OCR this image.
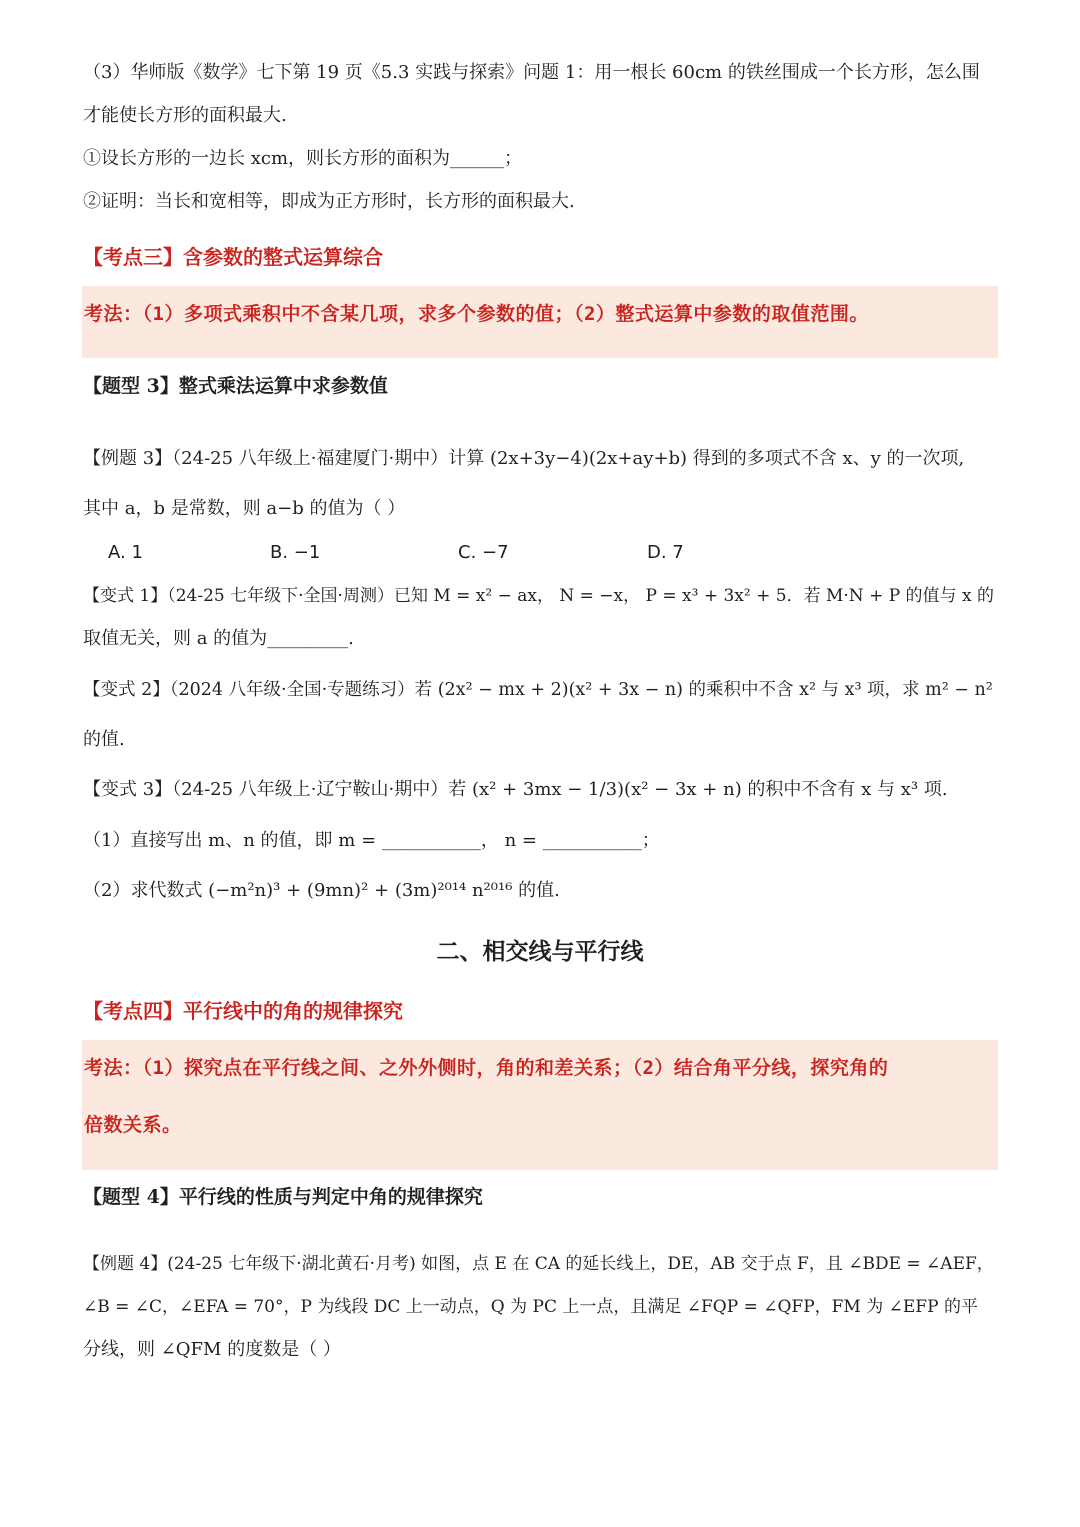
（3）华师版《数学》七下第 19 页《5.3 实践与探索》问题 1：用一根长 60cm 的铁丝围成一个长方形，怎么围
才能使长方形的面积最大.
①设长方形的一边长 xcm，则长方形的面积为______；
②证明：当长和宽相等，即成为正方形时，长方形的面积最大.
【考点三】含参数的整式运算综合
考法：（1）多项式乘积中不含某几项，求多个参数的值；（2）整式运算中参数的取值范围。
【题型 3】整式乘法运算中求参数值
【例题 3】（24-25 八年级上·福建厦门·期中）计算 (2x+3y−4)(2x+ay+b) 得到的多项式不含 x、y 的一次项,
其中 a，b 是常数，则 a−b 的值为（ ）
A. 1	B. −1	C. −7	D. 7
【变式 1】（24-25 七年级下·全国·周测）已知 M = x² − ax， N = −x， P = x³ + 3x² + 5．若 M·N + P 的值与 x 的
取值无关，则 a 的值为_________.
【变式 2】（2024 八年级·全国·专题练习）若 (2x² − mx + 2)(x² + 3x − n) 的乘积中不含 x² 与 x³ 项，求 m² − n²
的值.
【变式 3】（24-25 八年级上·辽宁鞍山·期中）若 (x² + 3mx − 1/3)(x² − 3x + n) 的积中不含有 x 与 x³ 项.
（1）直接写出 m、n 的值，即 m = ___________， n = ___________；
（2）求代数式 (−m²n)³ + (9mn)² + (3m)²⁰¹⁴ n²⁰¹⁶ 的值.
二、相交线与平行线
【考点四】平行线中的角的规律探究
考法：（1）探究点在平行线之间、之外外侧时，角的和差关系；（2）结合角平分线，探究角的
倍数关系。
【题型 4】平行线的性质与判定中角的规律探究
【例题 4】(24-25 七年级下·湖北黄石·月考) 如图，点 E 在 CA 的延长线上，DE，AB 交于点 F，且 ∠BDE = ∠AEF，
∠B = ∠C，∠EFA = 70°，P 为线段 DC 上一动点，Q 为 PC 上一点，且满足 ∠FQP = ∠QFP，FM 为 ∠EFP 的平
分线，则 ∠QFM 的度数是（ ）
